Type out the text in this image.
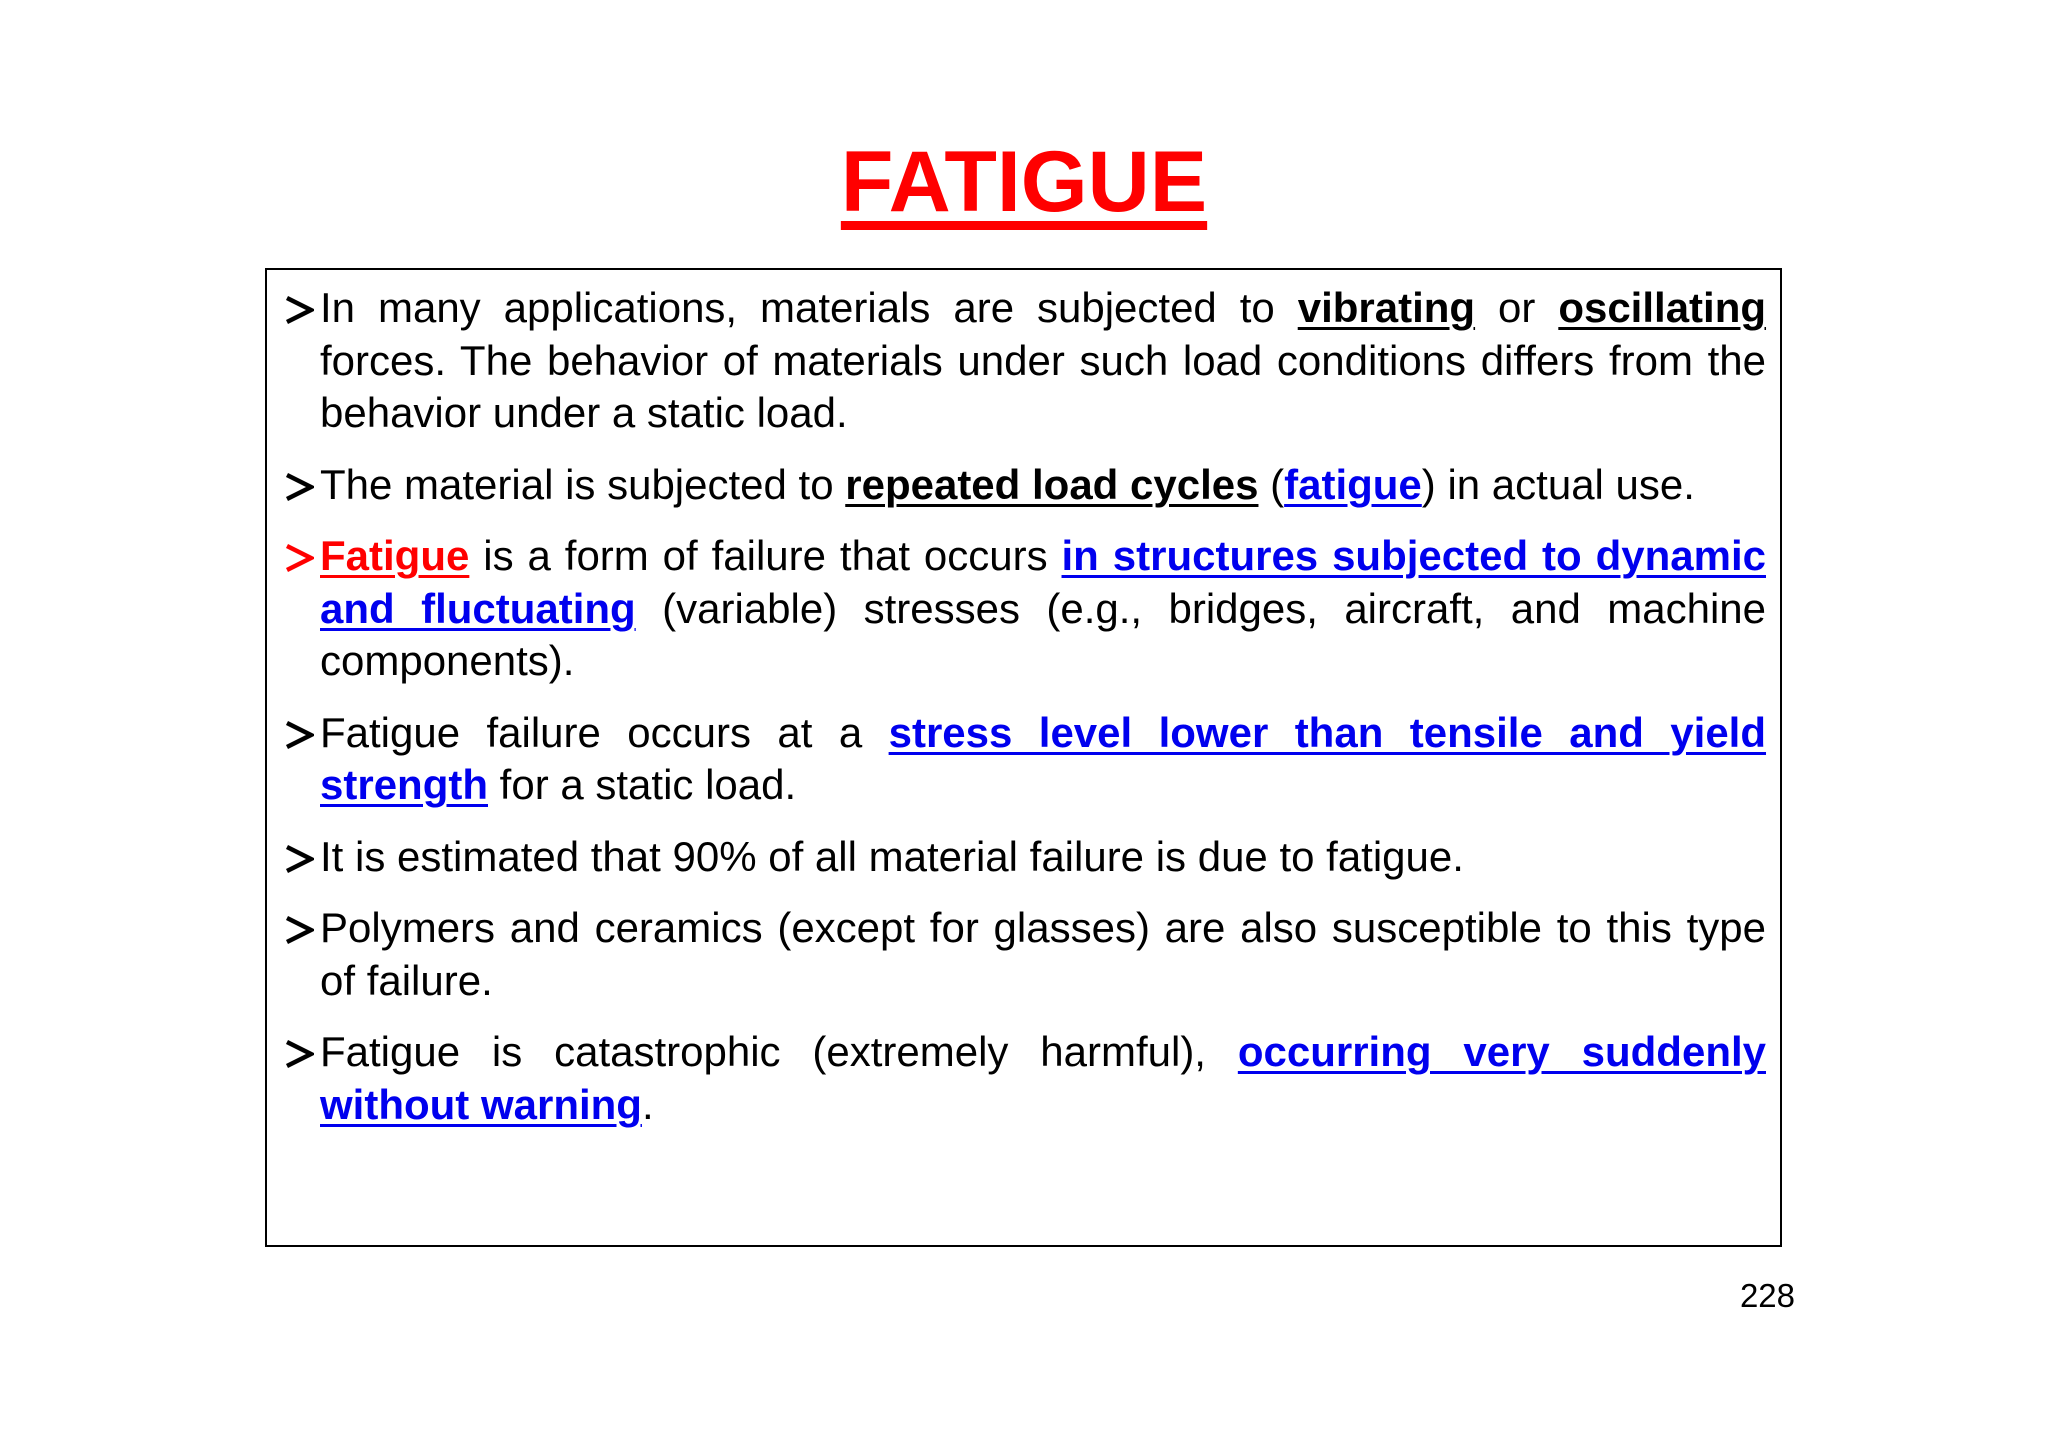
FATIGUE
In many applications, materials are subjected to vibrating or oscillating forces. The behavior of materials under such load conditions differs from the behavior under a static load.
The material is subjected to repeated load cycles (fatigue) in actual use.
Fatigue is a form of failure that occurs in structures subjected to dynamic and fluctuating (variable) stresses (e.g., bridges, aircraft, and machine components).
Fatigue failure occurs at a stress level lower than tensile and yield strength for a static load.
It is estimated that 90% of all material failure is due to fatigue.
Polymers and ceramics (except for glasses) are also susceptible to this type of failure.
Fatigue is catastrophic (extremely harmful), occurring very suddenly without warning.
228
